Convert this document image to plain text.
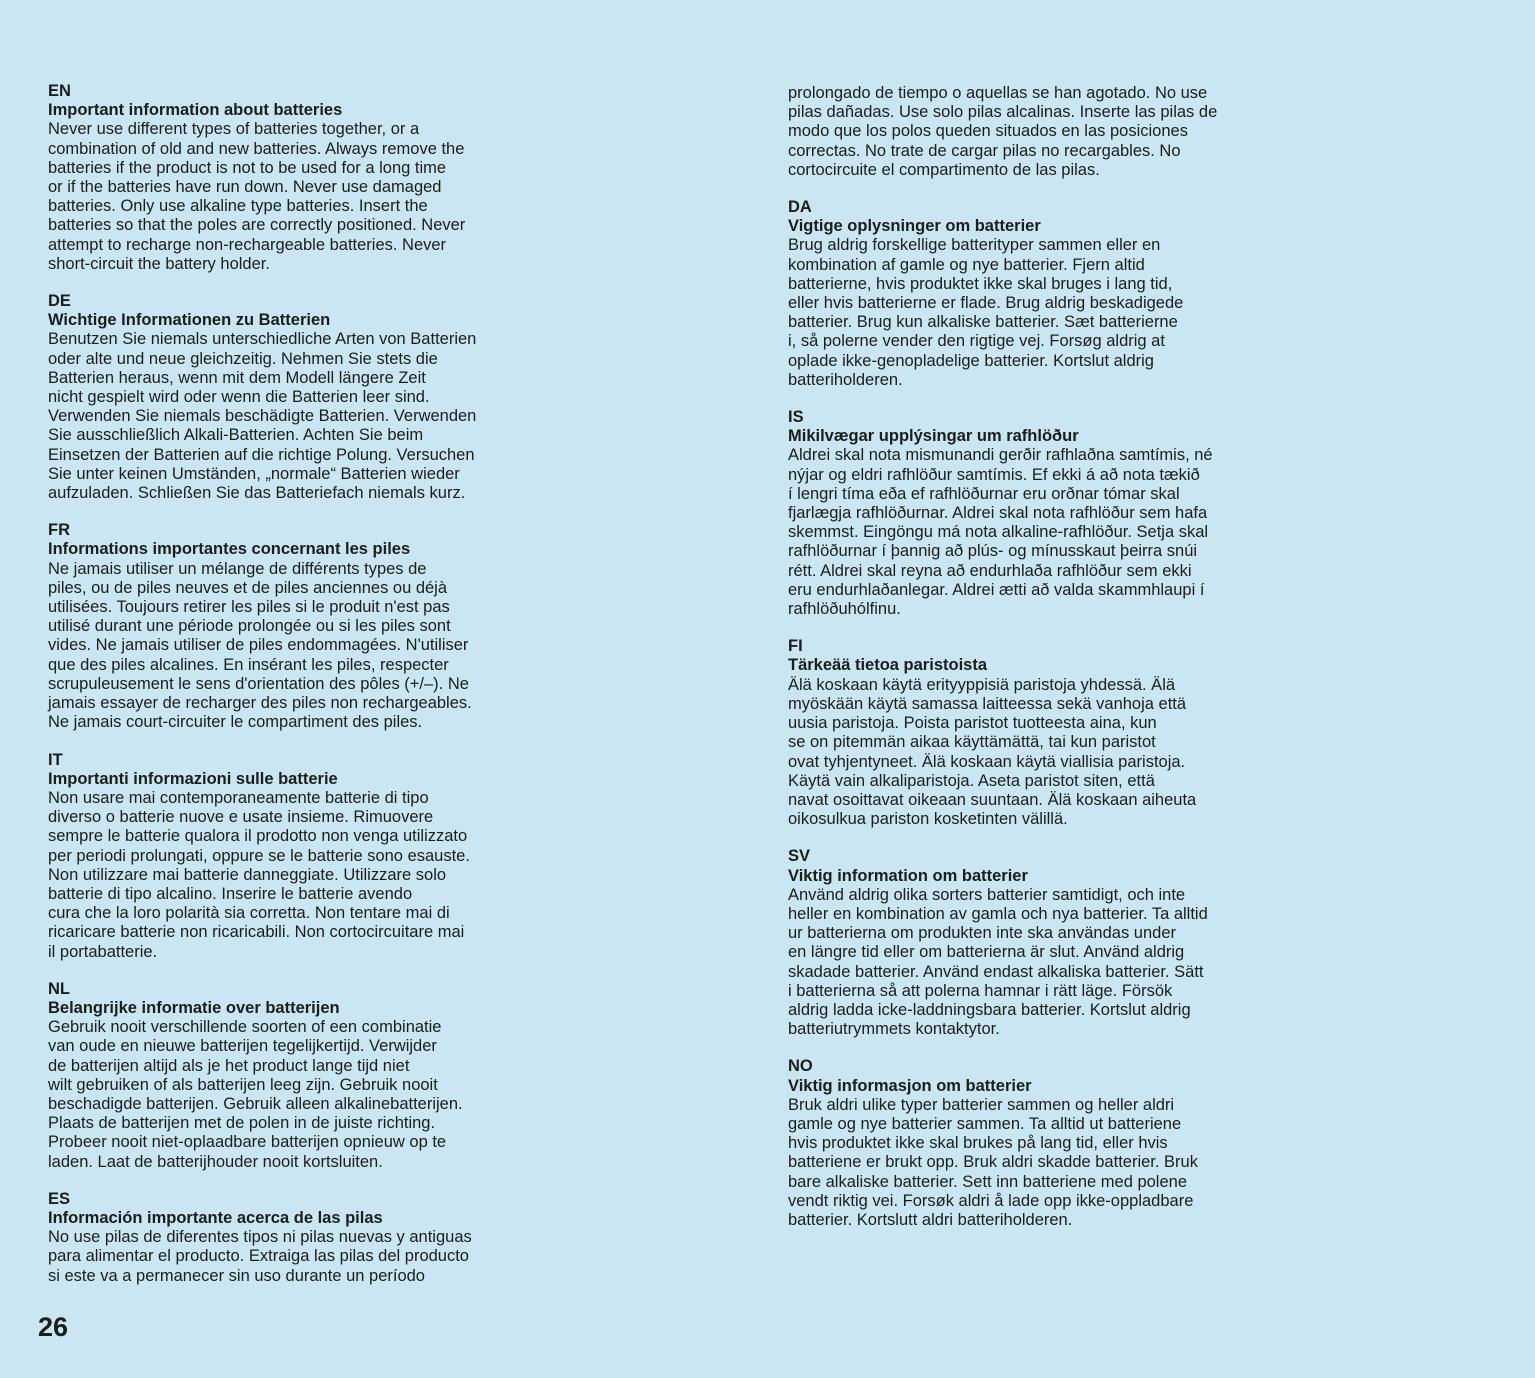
EN
Important information about batteries
Never use different types of batteries together, or a
combination of old and new batteries. Always remove the
batteries if the product is not to be used for a long time
or if the batteries have run down. Never use damaged
batteries. Only use alkaline type batteries. Insert the
batteries so that the poles are correctly positioned. Never
attempt to recharge non-rechargeable batteries. Never
short-circuit the battery holder.
DE
Wichtige Informationen zu Batterien
Benutzen Sie niemals unterschiedliche Arten von Batterien
oder alte und neue gleichzeitig. Nehmen Sie stets die
Batterien heraus, wenn mit dem Modell längere Zeit
nicht gespielt wird oder wenn die Batterien leer sind.
Verwenden Sie niemals beschädigte Batterien. Verwenden
Sie ausschließlich Alkali-Batterien. Achten Sie beim
Einsetzen der Batterien auf die richtige Polung. Versuchen
Sie unter keinen Umständen, „normale“ Batterien wieder
aufzuladen. Schließen Sie das Batteriefach niemals kurz.
FR
Informations importantes concernant les piles
Ne jamais utiliser un mélange de différents types de
piles, ou de piles neuves et de piles anciennes ou déjà
utilisées. Toujours retirer les piles si le produit n'est pas
utilisé durant une période prolongée ou si les piles sont
vides. Ne jamais utiliser de piles endommagées. N'utiliser
que des piles alcalines. En insérant les piles, respecter
scrupuleusement le sens d'orientation des pôles (+/–). Ne
jamais essayer de recharger des piles non rechargeables.
Ne jamais court-circuiter le compartiment des piles.
IT
Importanti informazioni sulle batterie
Non usare mai contemporaneamente batterie di tipo
diverso o batterie nuove e usate insieme. Rimuovere
sempre le batterie qualora il prodotto non venga utilizzato
per periodi prolungati, oppure se le batterie sono esauste.
Non utilizzare mai batterie danneggiate. Utilizzare solo
batterie di tipo alcalino. Inserire le batterie avendo
cura che la loro polarità sia corretta. Non tentare mai di
ricaricare batterie non ricaricabili. Non cortocircuitare mai
il portabatterie.
NL
Belangrijke informatie over batterijen
Gebruik nooit verschillende soorten of een combinatie
van oude en nieuwe batterijen tegelijkertijd. Verwijder
de batterijen altijd als je het product lange tijd niet
wilt gebruiken of als batterijen leeg zijn. Gebruik nooit
beschadigde batterijen. Gebruik alleen alkalinebatterijen.
Plaats de batterijen met de polen in de juiste richting.
Probeer nooit niet-oplaadbare batterijen opnieuw op te
laden. Laat de batterijhouder nooit kortsluiten.
ES
Información importante acerca de las pilas
No use pilas de diferentes tipos ni pilas nuevas y antiguas
para alimentar el producto. Extraiga las pilas del producto
si este va a permanecer sin uso durante un período
prolongado de tiempo o aquellas se han agotado. No use
pilas dañadas. Use solo pilas alcalinas. Inserte las pilas de
modo que los polos queden situados en las posiciones
correctas. No trate de cargar pilas no recargables. No
cortocircuite el compartimento de las pilas.
DA
Vigtige oplysninger om batterier
Brug aldrig forskellige batterityper sammen eller en
kombination af gamle og nye batterier. Fjern altid
batterierne, hvis produktet ikke skal bruges i lang tid,
eller hvis batterierne er flade. Brug aldrig beskadigede
batterier. Brug kun alkaliske batterier. Sæt batterierne
i, så polerne vender den rigtige vej. Forsøg aldrig at
oplade ikke-genopladelige batterier. Kortslut aldrig
batteriholderen.
IS
Mikilvægar upplýsingar um rafhlöður
Aldrei skal nota mismunandi gerðir rafhlaðna samtímis, né
nýjar og eldri rafhlöður samtímis. Ef ekki á að nota tækið
í lengri tíma eða ef rafhlöðurnar eru orðnar tómar skal
fjarlægja rafhlöðurnar. Aldrei skal nota rafhlöður sem hafa
skemmst. Eingöngu má nota alkaline-rafhlöður. Setja skal
rafhlöðurnar í þannig að plús- og mínusskaut þeirra snúi
rétt. Aldrei skal reyna að endurhlaða rafhlöður sem ekki
eru endurhlaðanlegar. Aldrei ætti að valda skammhlaupi í
rafhlöðuhólfinu.
FI
Tärkeää tietoa paristoista
Älä koskaan käytä erityyppisiä paristoja yhdessä. Älä
myöskään käytä samassa laitteessa sekä vanhoja että
uusia paristoja. Poista paristot tuotteesta aina, kun
se on pitemmän aikaa käyttämättä, tai kun paristot
ovat tyhjentyneet. Älä koskaan käytä viallisia paristoja.
Käytä vain alkaliparistoja. Aseta paristot siten, että
navat osoittavat oikeaan suuntaan. Älä koskaan aiheuta
oikosulkua pariston kosketinten välillä.
SV
Viktig information om batterier
Använd aldrig olika sorters batterier samtidigt, och inte
heller en kombination av gamla och nya batterier. Ta alltid
ur batterierna om produkten inte ska användas under
en längre tid eller om batterierna är slut. Använd aldrig
skadade batterier. Använd endast alkaliska batterier. Sätt
i batterierna så att polerna hamnar i rätt läge. Försök
aldrig ladda icke-laddningsbara batterier. Kortslut aldrig
batteriutrymmets kontaktytor.
NO
Viktig informasjon om batterier
Bruk aldri ulike typer batterier sammen og heller aldri
gamle og nye batterier sammen. Ta alltid ut batteriene
hvis produktet ikke skal brukes på lang tid, eller hvis
batteriene er brukt opp. Bruk aldri skadde batterier. Bruk
bare alkaliske batterier. Sett inn batteriene med polene
vendt riktig vei. Forsøk aldri å lade opp ikke-oppladbare
batterier. Kortslutt aldri batteriholderen.
26
